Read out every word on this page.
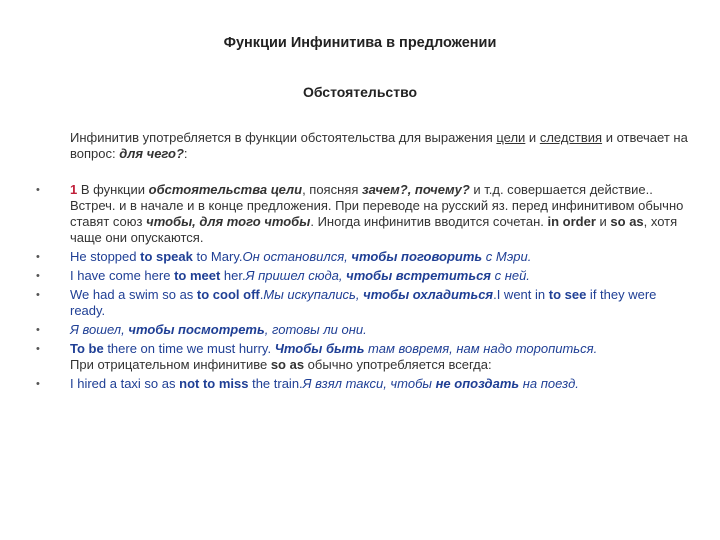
Функции Инфинитива в предложении
Обстоятельство
Инфинитив употребляется в функции обстоятельства для выражения цели и следствия и отвечает на вопрос: для чего?:
• 1 В функции обстоятельства цели, поясняя зачем?, почему? и т.д. совершается действие.. Встреч. и в начале и в конце предложения. При переводе на русский яз. перед инфинитивом обычно ставят союз чтобы, для того чтобы. Иногда инфинитив вводится сочетан. in order и so as, хотя чаще они опускаются.
• He stopped to speak to Mary.Он остановился, чтобы поговорить с Мэри.
• I have come here to meet her.Я пришел сюда, чтобы встретиться с ней.
• We had a swim so as to cool off.Мы искупались, чтобы охладиться.I went in to see if they were ready.
• Я вошел, чтобы посмотреть, готовы ли они.
• To be there on time we must hurry. Чтобы быть там вовремя, нам надо торопиться.
При отрицательном инфинитиве so as обычно употребляется всегда:
• I hired a taxi so as not to miss the train.Я взял такси, чтобы не опоздать на поезд.
